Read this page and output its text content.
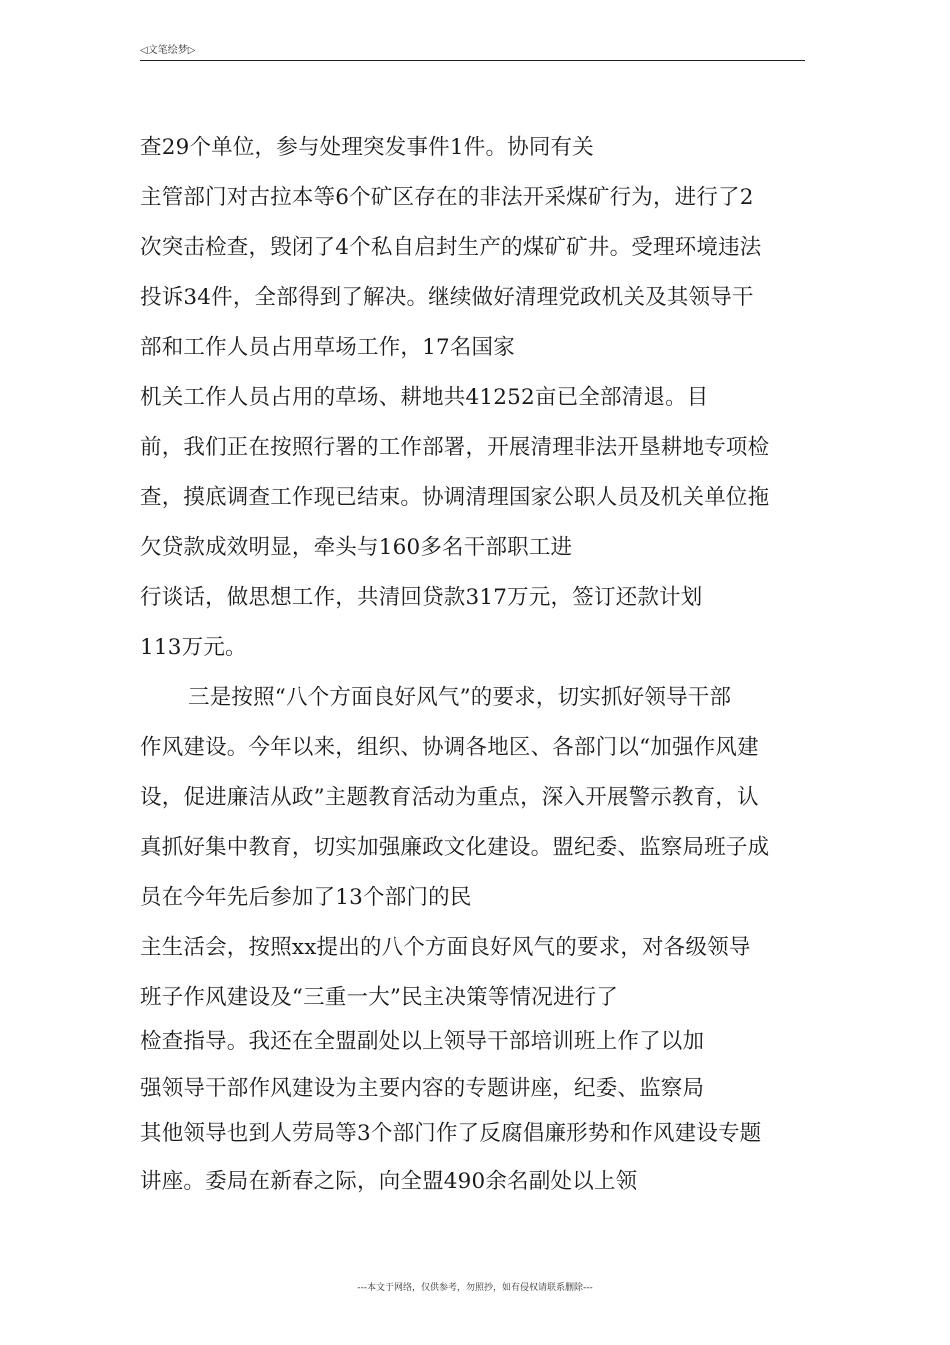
◁文笔绘梦▷
查29个单位，参与处理突发事件1件。协同有关
主管部门对古拉本等6个矿区存在的非法开采煤矿行为，进行了2
次突击检查，毁闭了4个私自启封生产的煤矿矿井。受理环境违法
投诉34件，全部得到了解决。继续做好清理党政机关及其领导干
部和工作人员占用草场工作，17名国家
机关工作人员占用的草场、耕地共41252亩已全部清退。目
前，我们正在按照行署的工作部署，开展清理非法开垦耕地专项检
查，摸底调查工作现已结束。协调清理国家公职人员及机关单位拖
欠贷款成效明显，牵头与160多名干部职工进
行谈话，做思想工作，共清回贷款317万元，签订还款计划
113万元。
三是按照“八个方面良好风气”的要求，切实抓好领导干部
作风建设。今年以来，组织、协调各地区、各部门以“加强作风建
设，促进廉洁从政”主题教育活动为重点，深入开展警示教育，认
真抓好集中教育，切实加强廉政文化建设。盟纪委、监察局班子成
员在今年先后参加了13个部门的民
主生活会，按照xx提出的八个方面良好风气的要求，对各级领导
班子作风建设及“三重一大”民主决策等情况进行了
检查指导。我还在全盟副处以上领导干部培训班上作了以加
强领导干部作风建设为主要内容的专题讲座，纪委、监察局
其他领导也到人劳局等3个部门作了反腐倡廉形势和作风建设专题
讲座。委局在新春之际，向全盟490余名副处以上领
---本文于网络，仅供参考，勿照抄，如有侵权请联系删除---
